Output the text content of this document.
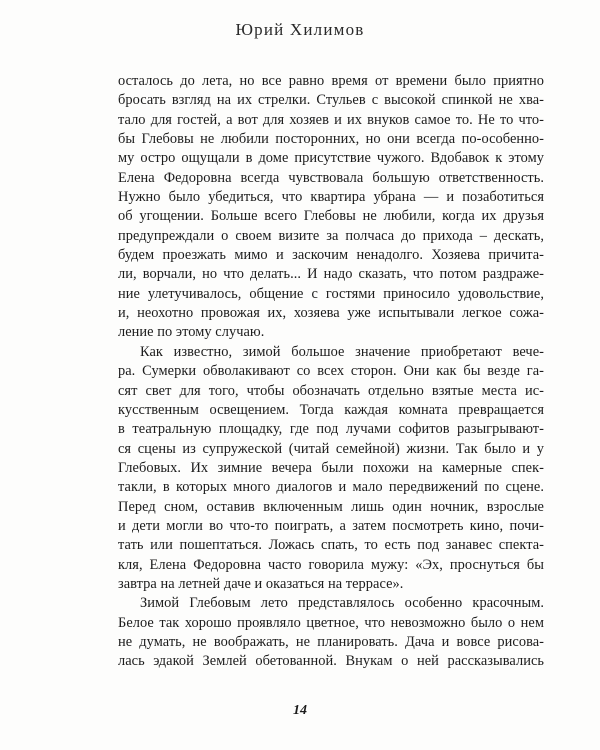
Юрий Хилимов
осталось до лета, но все равно время от времени было приятно
бросать взгляд на их стрелки. Стульев с высокой спинкой не хва-
тало для гостей, а вот для хозяев и их внуков самое то. Не то что-
бы Глебовы не любили посторонних, но они всегда по-особенно-
му остро ощущали в доме присутствие чужого. Вдобавок к этому
Елена Федоровна всегда чувствовала большую ответственность.
Нужно было убедиться, что квартира убрана — и позаботиться
об угощении. Больше всего Глебовы не любили, когда их друзья
предупреждали о своем визите за полчаса до прихода – дескать,
будем проезжать мимо и заскочим ненадолго. Хозяева причита-
ли, ворчали, но что делать... И надо сказать, что потом раздраже-
ние улетучивалось, общение с гостями приносило удовольствие,
и, неохотно провожая их, хозяева уже испытывали легкое сожа-
ление по этому случаю.
Как известно, зимой большое значение приобретают вече-
ра. Сумерки обволакивают со всех сторон. Они как бы везде га-
сят свет для того, чтобы обозначать отдельно взятые места ис-
кусственным освещением. Тогда каждая комната превращается
в театральную площадку, где под лучами софитов разыгрывают-
ся сцены из супружеской (читай семейной) жизни. Так было и у
Глебовых. Их зимние вечера были похожи на камерные спек-
такли, в которых много диалогов и мало передвижений по сцене.
Перед сном, оставив включенным лишь один ночник, взрослые
и дети могли во что-то поиграть, а затем посмотреть кино, почи-
тать или пошептаться. Ложась спать, то есть под занавес спекта-
кля, Елена Федоровна часто говорила мужу: «Эх, проснуться бы
завтра на летней даче и оказаться на террасе».
Зимой Глебовым лето представлялось особенно красочным.
Белое так хорошо проявляло цветное, что невозможно было о нем
не думать, не воображать, не планировать. Дача и вовсе рисова-
лась эдакой Землей обетованной. Внукам о ней рассказывались
14
